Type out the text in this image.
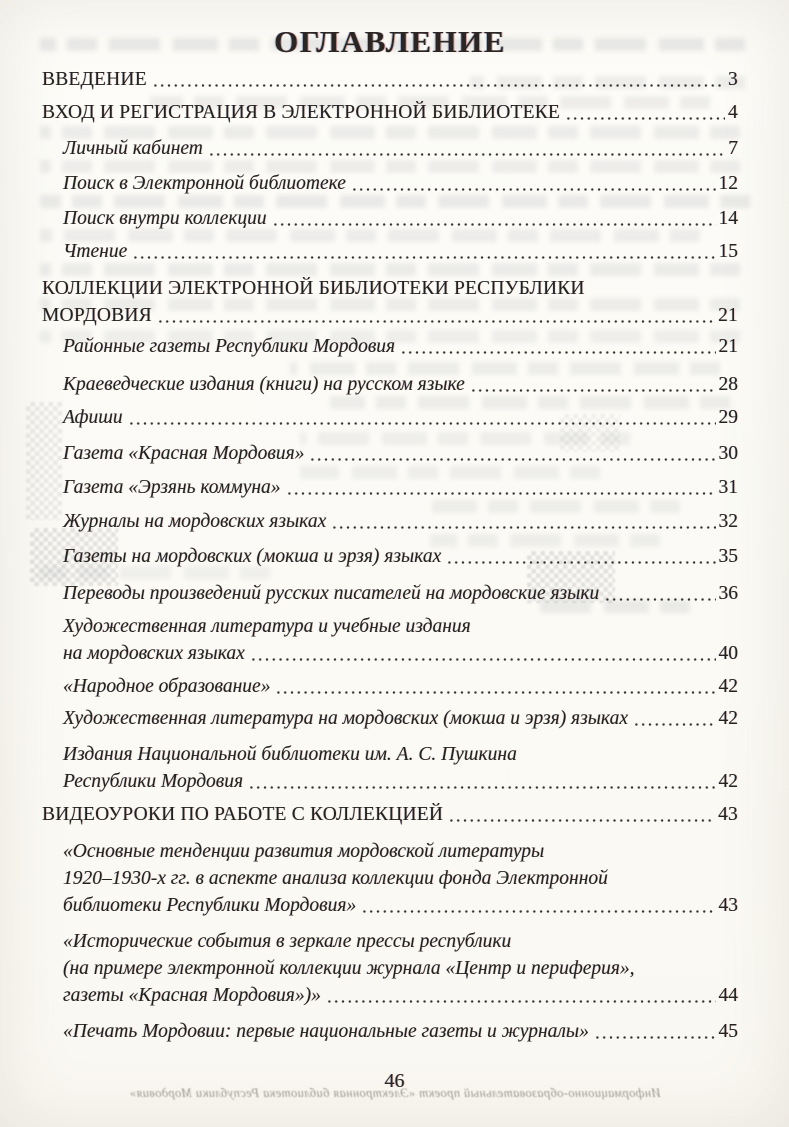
ОГЛАВЛЕНИЕ
ВВЕДЕНИЕ	3
ВХОД И РЕГИСТРАЦИЯ В ЭЛЕКТРОННОЙ БИБЛИОТЕКЕ	4
Личный кабинет	7
Поиск в Электронной библиотеке	12
Поиск внутри коллекции	14
Чтение	15
КОЛЛЕКЦИИ ЭЛЕКТРОННОЙ БИБЛИОТЕКИ РЕСПУБЛИКИ
МОРДОВИЯ	21
Районные газеты Республики Мордовия	21
Краеведческие издания (книги) на русском языке	28
Афиши	29
Газета «Красная Мордовия»	30
Газета «Эрзянь коммуна»	31
Журналы на мордовских языках	32
Газеты на мордовских (мокша и эрзя) языках	35
Переводы произведений русских писателей на мордовские языки	36
Художественная литература и учебные издания
на мордовских языках	40
«Народное образование»	42
Художественная литература на мордовских (мокша и эрзя) языках	42
Издания Национальной библиотеки им. А. С. Пушкина
Республики Мордовия	42
ВИДЕОУРОКИ ПО РАБОТЕ С КОЛЛЕКЦИЕЙ	43
«Основные тенденции развития мордовской литературы
1920–1930-х гг. в аспекте анализа коллекции фонда Электронной
библиотеки Республики Мордовия»	43
«Исторические события в зеркале прессы республики
(на примере электронной коллекции журнала «Центр и периферия»,
газеты «Красная Мордовия»)»	44
«Печать Мордовии: первые национальные газеты и журналы»	45
46
Информационно-образовательный проект «Электронная библиотека Республики Мордовия»
